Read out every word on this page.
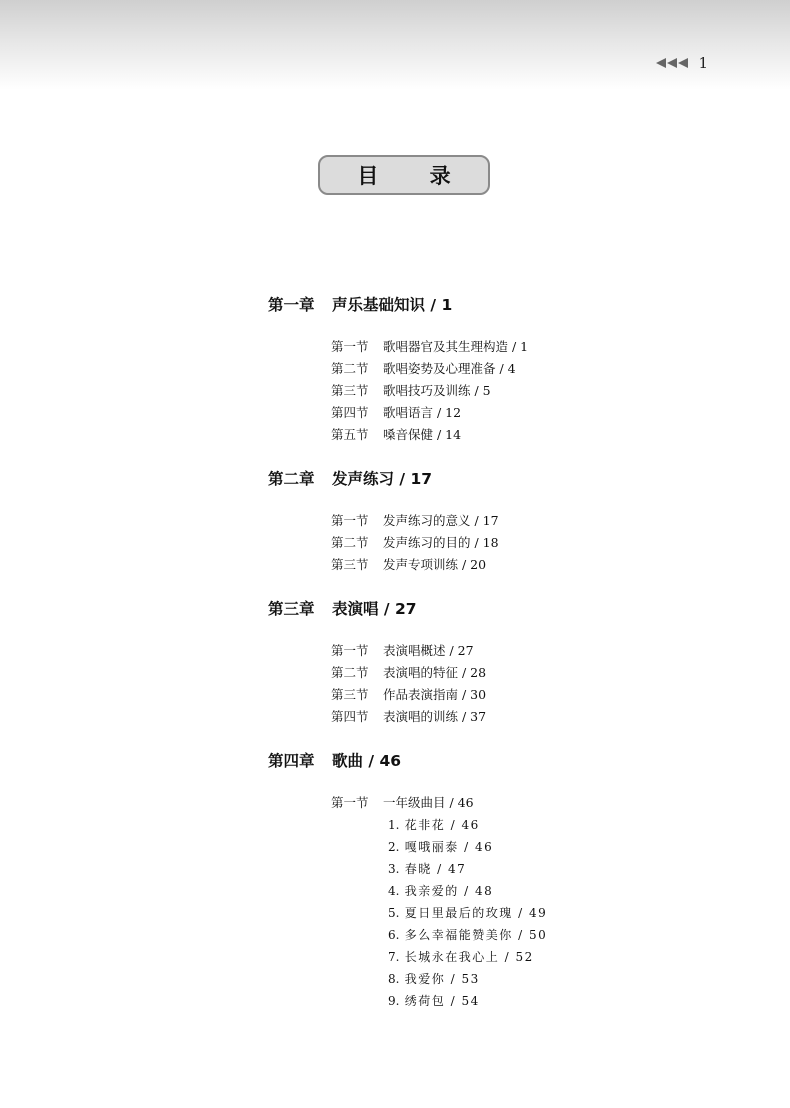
1
目 录
第一章 声乐基础知识 / 1
第一节 歌唱器官及其生理构造 / 1
第二节 歌唱姿势及心理准备 / 4
第三节 歌唱技巧及训练 / 5
第四节 歌唱语言 / 12
第五节 嗓音保健 / 14
第二章 发声练习 / 17
第一节 发声练习的意义 / 17
第二节 发声练习的目的 / 18
第三节 发声专项训练 / 20
第三章 表演唱 / 27
第一节 表演唱概述 / 27
第二节 表演唱的特征 / 28
第三节 作品表演指南 / 30
第四节 表演唱的训练 / 37
第四章 歌曲 / 46
第一节 一年级曲目 / 46
1. 花非花 / 46
2. 嘎哦丽泰 / 46
3. 春晓 / 47
4. 我亲爱的 / 48
5. 夏日里最后的玫瑰 / 49
6. 多么幸福能赞美你 / 50
7. 长城永在我心上 / 52
8. 我爱你 / 53
9. 绣荷包 / 54
